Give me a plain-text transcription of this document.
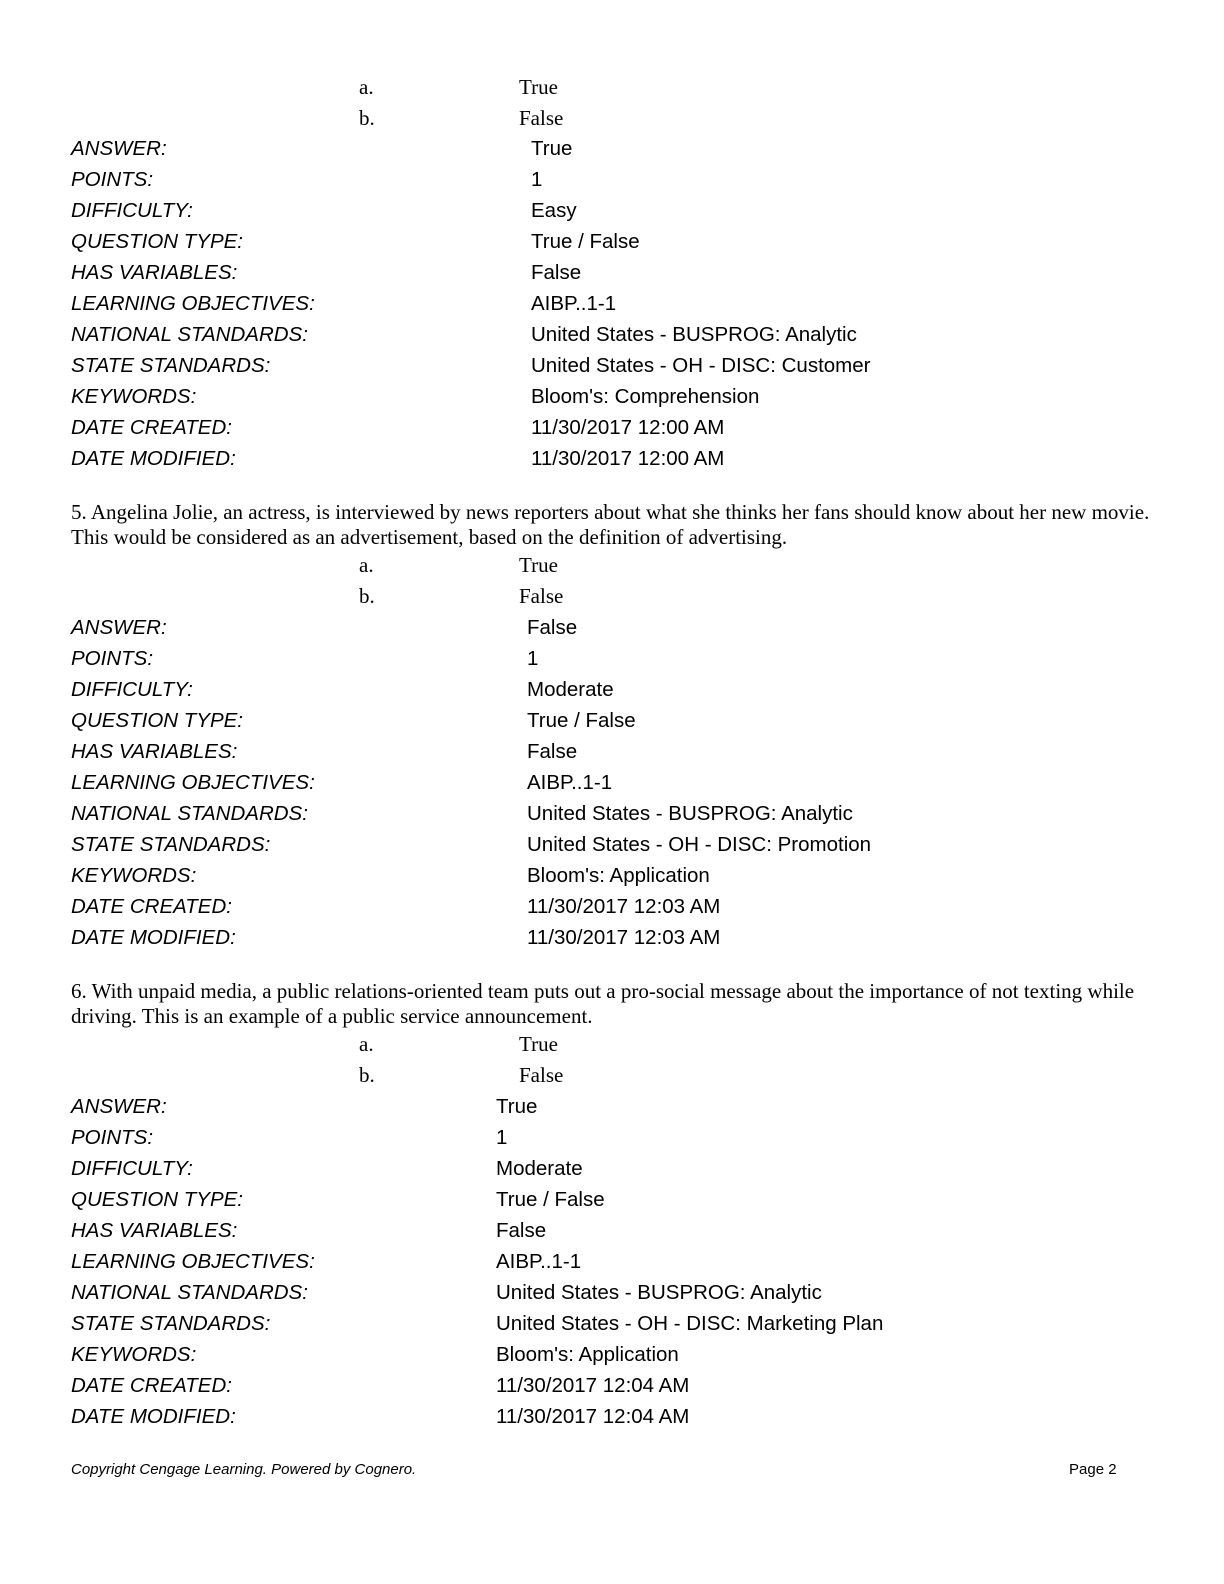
a.	True
b.	False
ANSWER:	True
POINTS:	1
DIFFICULTY:	Easy
QUESTION TYPE:	True / False
HAS VARIABLES:	False
LEARNING OBJECTIVES:	AIBP..1-1
NATIONAL STANDARDS:	United States - BUSPROG: Analytic
STATE STANDARDS:	United States - OH - DISC: Customer
KEYWORDS:	Bloom's: Comprehension
DATE CREATED:	11/30/2017 12:00 AM
DATE MODIFIED:	11/30/2017 12:00 AM

5. Angelina Jolie, an actress, is interviewed by news reporters about what she thinks her fans should know about her new movie. This would be considered as an advertisement, based on the definition of advertising.

a.	True
b.	False
ANSWER:	False
POINTS:	1
DIFFICULTY:	Moderate
QUESTION TYPE:	True / False
HAS VARIABLES:	False
LEARNING OBJECTIVES:	AIBP..1-1
NATIONAL STANDARDS:	United States - BUSPROG: Analytic
STATE STANDARDS:	United States - OH - DISC: Promotion
KEYWORDS:	Bloom's: Application
DATE CREATED:	11/30/2017 12:03 AM
DATE MODIFIED:	11/30/2017 12:03 AM

6. With unpaid media, a public relations-oriented team puts out a pro-social message about the importance of not texting while driving. This is an example of a public service announcement.

a.	True
b.	False
ANSWER:	True
POINTS:	1
DIFFICULTY:	Moderate
QUESTION TYPE:	True / False
HAS VARIABLES:	False
LEARNING OBJECTIVES:	AIBP..1-1
NATIONAL STANDARDS:	United States - BUSPROG: Analytic
STATE STANDARDS:	United States - OH - DISC: Marketing Plan
KEYWORDS:	Bloom's: Application
DATE CREATED:	11/30/2017 12:04 AM
DATE MODIFIED:	11/30/2017 12:04 AM
Copyright Cengage Learning. Powered by Cognero.	Page 2
